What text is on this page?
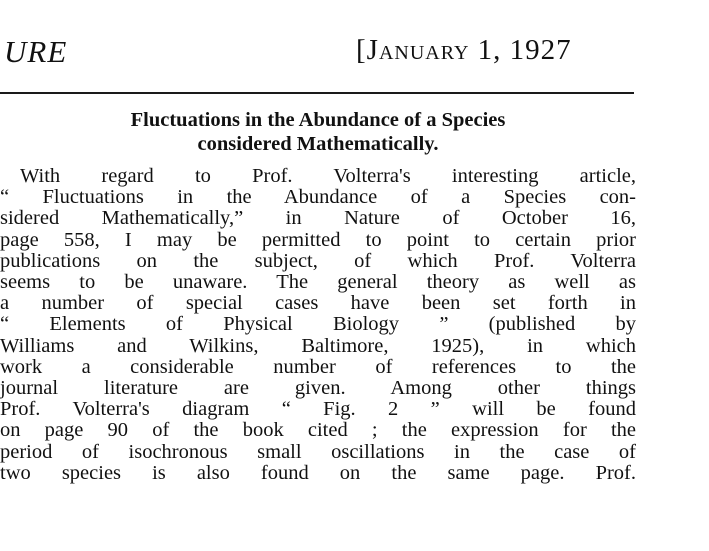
URE	[January 1, 1927
Fluctuations in the Abundance of a Species
considered Mathematically.
With regard to Prof. Volterra's interesting article,
“ Fluctuations in the Abundance of a Species con-
sidered Mathematically,” in Nature of October 16,
page 558, I may be permitted to point to certain prior
publications on the subject, of which Prof. Volterra
seems to be unaware. The general theory as well as
a number of special cases have been set forth in
“ Elements of Physical Biology ” (published by
Williams and Wilkins, Baltimore, 1925), in which
work a considerable number of references to the
journal literature are given. Among other things
Prof. Volterra's diagram “ Fig. 2 ” will be found
on page 90 of the book cited ; the expression for the
period of isochronous small oscillations in the case of
two species is also found on the same page. Prof.
